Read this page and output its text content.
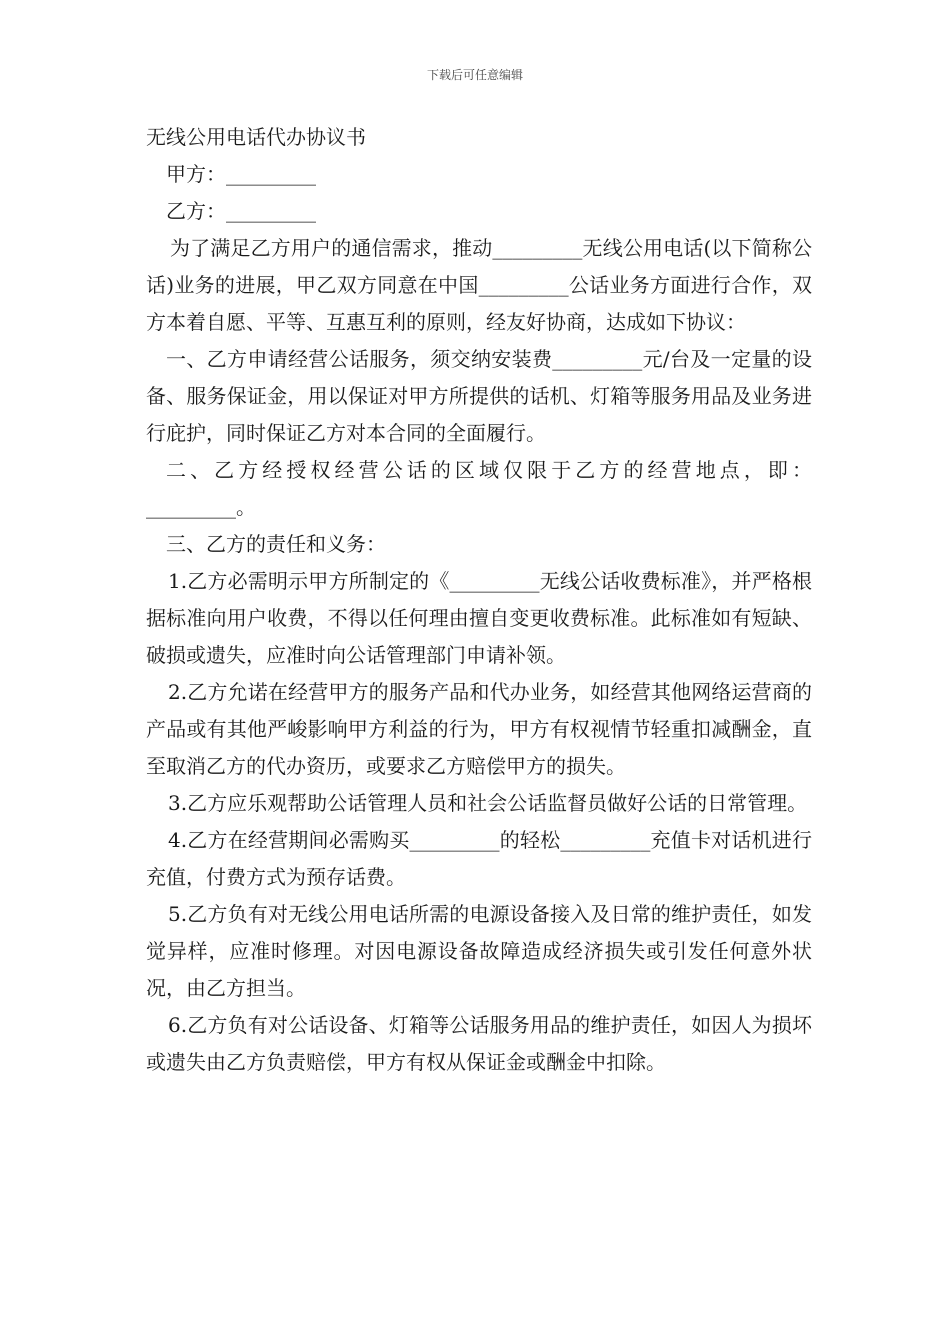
下载后可任意编辑

无线公用电话代办协议书

甲方：_________

乙方：_________

为了满足乙方用户的通信需求，推动_________无线公用电话(以下简称公话)业务的进展，甲乙双方同意在中国_________公话业务方面进行合作，双方本着自愿、平等、互惠互利的原则，经友好协商，达成如下协议：

一、乙方申请经营公话服务，须交纳安装费_________元/台及一定量的设备、服务保证金，用以保证对甲方所提供的话机、灯箱等服务用品及业务进行庇护，同时保证乙方对本合同的全面履行。

二、乙方经授权经营公话的区域仅限于乙方的经营地点，即：_________。

三、乙方的责任和义务：

1.乙方必需明示甲方所制定的《_________无线公话收费标准》，并严格根据标准向用户收费，不得以任何理由擅自变更收费标准。此标准如有短缺、破损或遗失，应准时向公话管理部门申请补领。

2.乙方允诺在经营甲方的服务产品和代办业务，如经营其他网络运营商的产品或有其他严峻影响甲方利益的行为，甲方有权视情节轻重扣减酬金，直至取消乙方的代办资历，或要求乙方赔偿甲方的损失。

3.乙方应乐观帮助公话管理人员和社会公话监督员做好公话的日常管理。

4.乙方在经营期间必需购买_________的轻松_________充值卡对话机进行充值，付费方式为预存话费。

5.乙方负有对无线公用电话所需的电源设备接入及日常的维护责任，如发觉异样，应准时修理。对因电源设备故障造成经济损失或引发任何意外状况，由乙方担当。

6.乙方负有对公话设备、灯箱等公话服务用品的维护责任，如因人为损坏或遗失由乙方负责赔偿，甲方有权从保证金或酬金中扣除。
